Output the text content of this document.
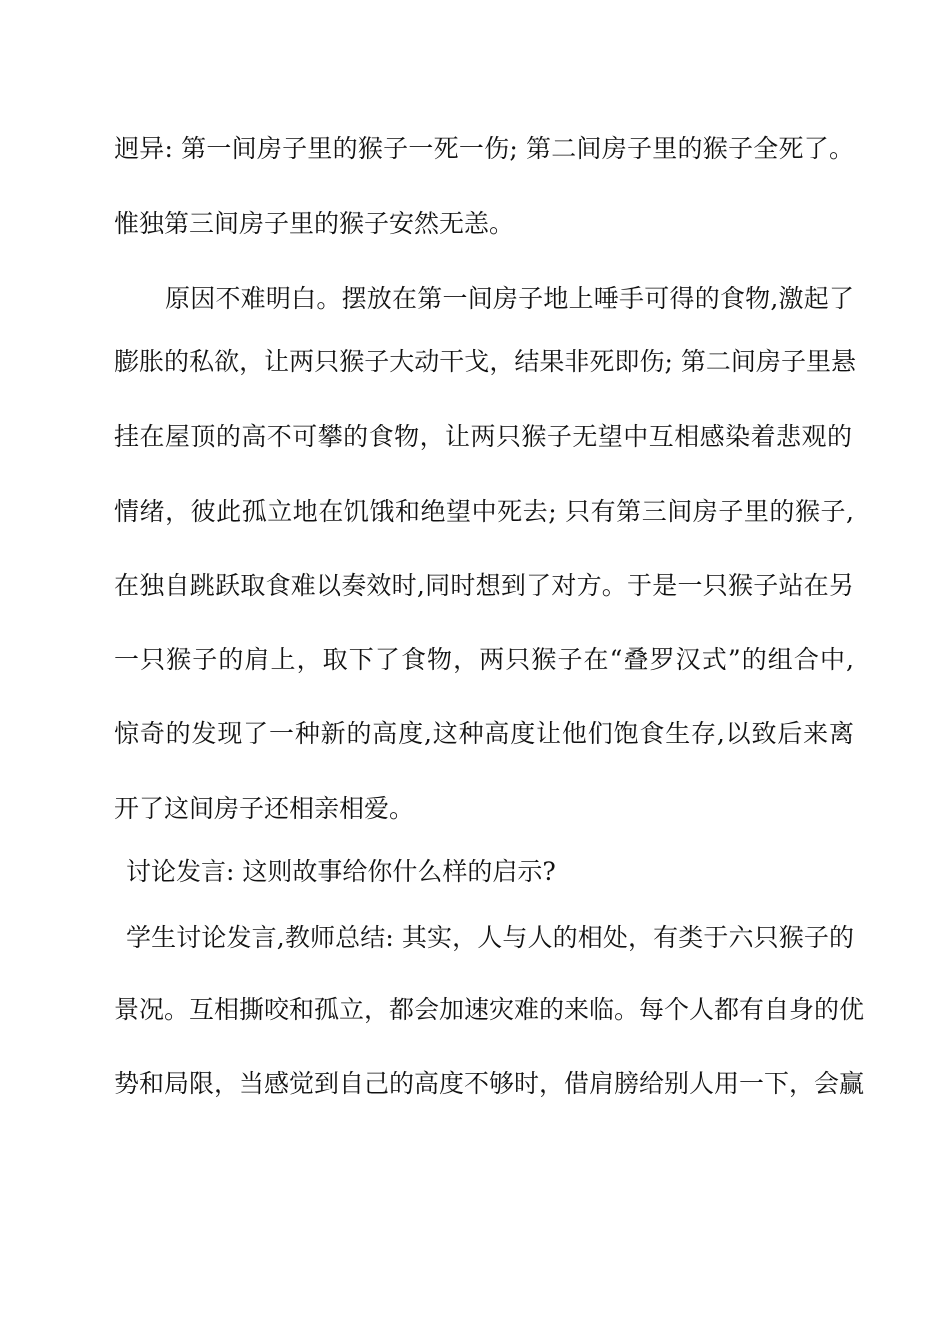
迥异: 第一间房子里的猴子一死一伤; 第二间房子里的猴子全死了。
惟独第三间房子里的猴子安然无恙。
原因不难明白。摆放在第一间房子地上唾手可得的食物,激起了
膨胀的私欲，让两只猴子大动干戈，结果非死即伤; 第二间房子里悬
挂在屋顶的高不可攀的食物，让两只猴子无望中互相感染着悲观的
情绪，彼此孤立地在饥饿和绝望中死去; 只有第三间房子里的猴子,
在独自跳跃取食难以奏效时,同时想到了对方。于是一只猴子站在另
一只猴子的肩上，取下了食物，两只猴子在“叠罗汉式”的组合中,
惊奇的发现了一种新的高度,这种高度让他们饱食生存,以致后来离
开了这间房子还相亲相爱。
讨论发言: 这则故事给你什么样的启示?
学生讨论发言,教师总结: 其实，人与人的相处，有类于六只猴子的
景况。互相撕咬和孤立，都会加速灾难的来临。每个人都有自身的优
势和局限，当感觉到自己的高度不够时，借肩膀给别人用一下，会赢
